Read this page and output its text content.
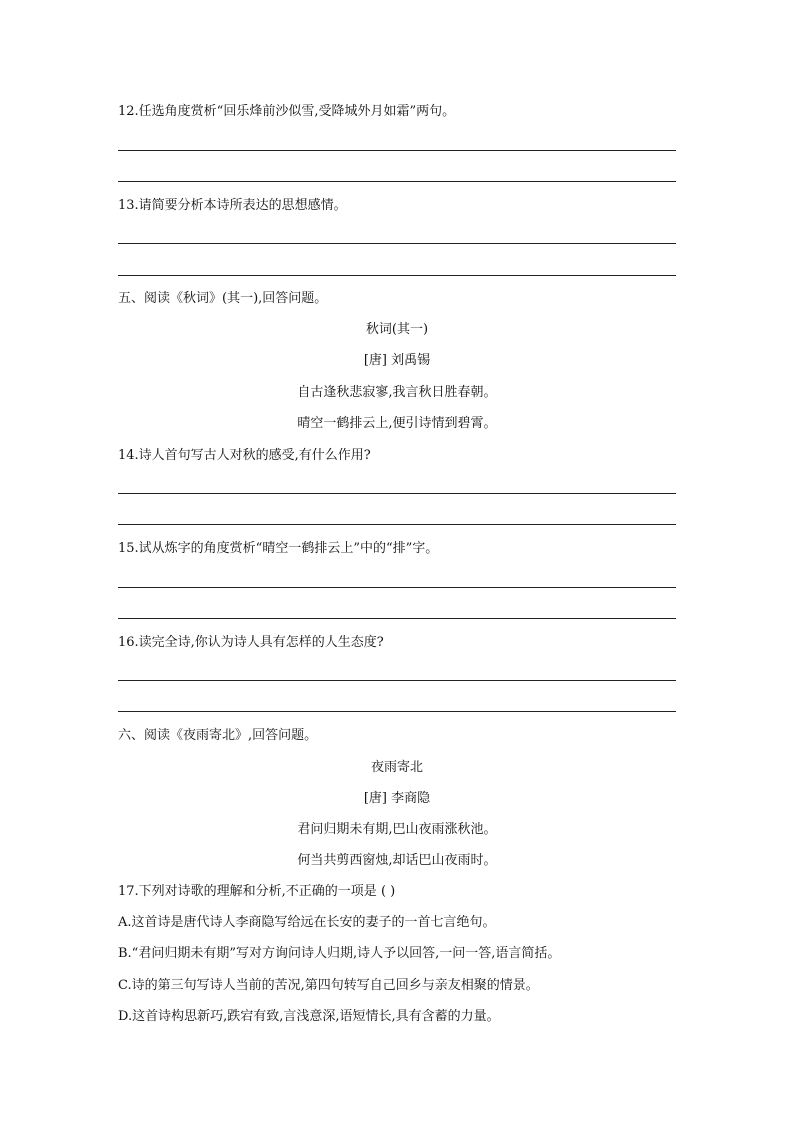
12.任选角度赏析“回乐烽前沙似雪,受降城外月如霜”两句。
13.请简要分析本诗所表达的思想感情。
五、阅读《秋词》(其一),回答问题。
秋词(其一)
[唐] 刘禹锡
自古逢秋悲寂寥,我言秋日胜春朝。
晴空一鹤排云上,便引诗情到碧霄。
14.诗人首句写古人对秋的感受,有什么作用?
15.试从炼字的角度赏析“晴空一鹤排云上”中的“排”字。
16.读完全诗,你认为诗人具有怎样的人生态度?
六、阅读《夜雨寄北》,回答问题。
夜雨寄北
[唐] 李商隐
君问归期未有期,巴山夜雨涨秋池。
何当共剪西窗烛,却话巴山夜雨时。
17.下列对诗歌的理解和分析,不正确的一项是 ( )
A.这首诗是唐代诗人李商隐写给远在长安的妻子的一首七言绝句。
B.“君问归期未有期”写对方询问诗人归期,诗人予以回答,一问一答,语言简括。
C.诗的第三句写诗人当前的苦况,第四句转写自己回乡与亲友相聚的情景。
D.这首诗构思新巧,跌宕有致,言浅意深,语短情长,具有含蓄的力量。
